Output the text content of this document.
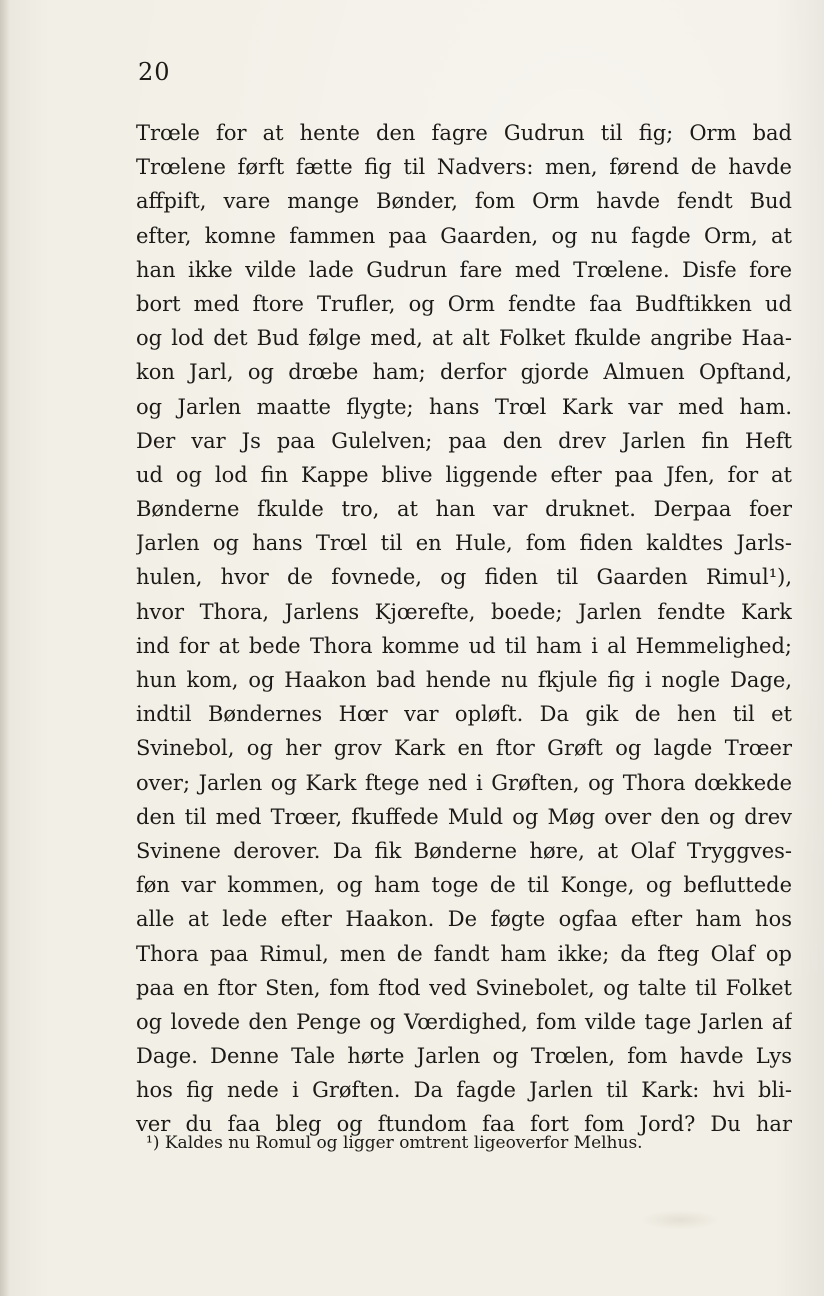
20
Trœle for at hente den fagre Gudrun til fig; Orm bad
Trœlene førft fætte fig til Nadvers: men, førend de havde
affpift, vare mange Bønder, fom Orm havde fendt Bud
efter, komne fammen paa Gaarden, og nu fagde Orm, at
han ikke vilde lade Gudrun fare med Trœlene. Disfe fore
bort med ftore Trufler, og Orm fendte faa Budftikken ud
og lod det Bud følge med, at alt Folket fkulde angribe Haa-
kon Jarl, og drœbe ham; derfor gjorde Almuen Opftand,
og Jarlen maatte flygte; hans Trœl Kark var med ham.
Der var Js paa Gulelven; paa den drev Jarlen fin Heft
ud og lod fin Kappe blive liggende efter paa Jfen, for at
Bønderne fkulde tro, at han var druknet. Derpaa foer
Jarlen og hans Trœl til en Hule, fom fiden kaldtes Jarls-
hulen, hvor de fovnede, og fiden til Gaarden Rimul¹),
hvor Thora, Jarlens Kjœrefte, boede; Jarlen fendte Kark
ind for at bede Thora komme ud til ham i al Hemmelighed;
hun kom, og Haakon bad hende nu fkjule fig i nogle Dage,
indtil Bøndernes Hœr var opløft. Da gik de hen til et
Svinebol, og her grov Kark en ftor Grøft og lagde Trœer
over; Jarlen og Kark ftege ned i Grøften, og Thora dœkkede
den til med Trœer, fkuffede Muld og Møg over den og drev
Svinene derover. Da fik Bønderne høre, at Olaf Tryggves-
føn var kommen, og ham toge de til Konge, og befluttede
alle at lede efter Haakon. De føgte ogfaa efter ham hos
Thora paa Rimul, men de fandt ham ikke; da fteg Olaf op
paa en ftor Sten, fom ftod ved Svinebolet, og talte til Folket
og lovede den Penge og Vœrdighed, fom vilde tage Jarlen af
Dage. Denne Tale hørte Jarlen og Trœlen, fom havde Lys
hos fig nede i Grøften. Da fagde Jarlen til Kark: hvi bli-
ver du faa bleg og ftundom faa fort fom Jord? Du har
¹) Kaldes nu Romul og ligger omtrent ligeoverfor Melhus.
